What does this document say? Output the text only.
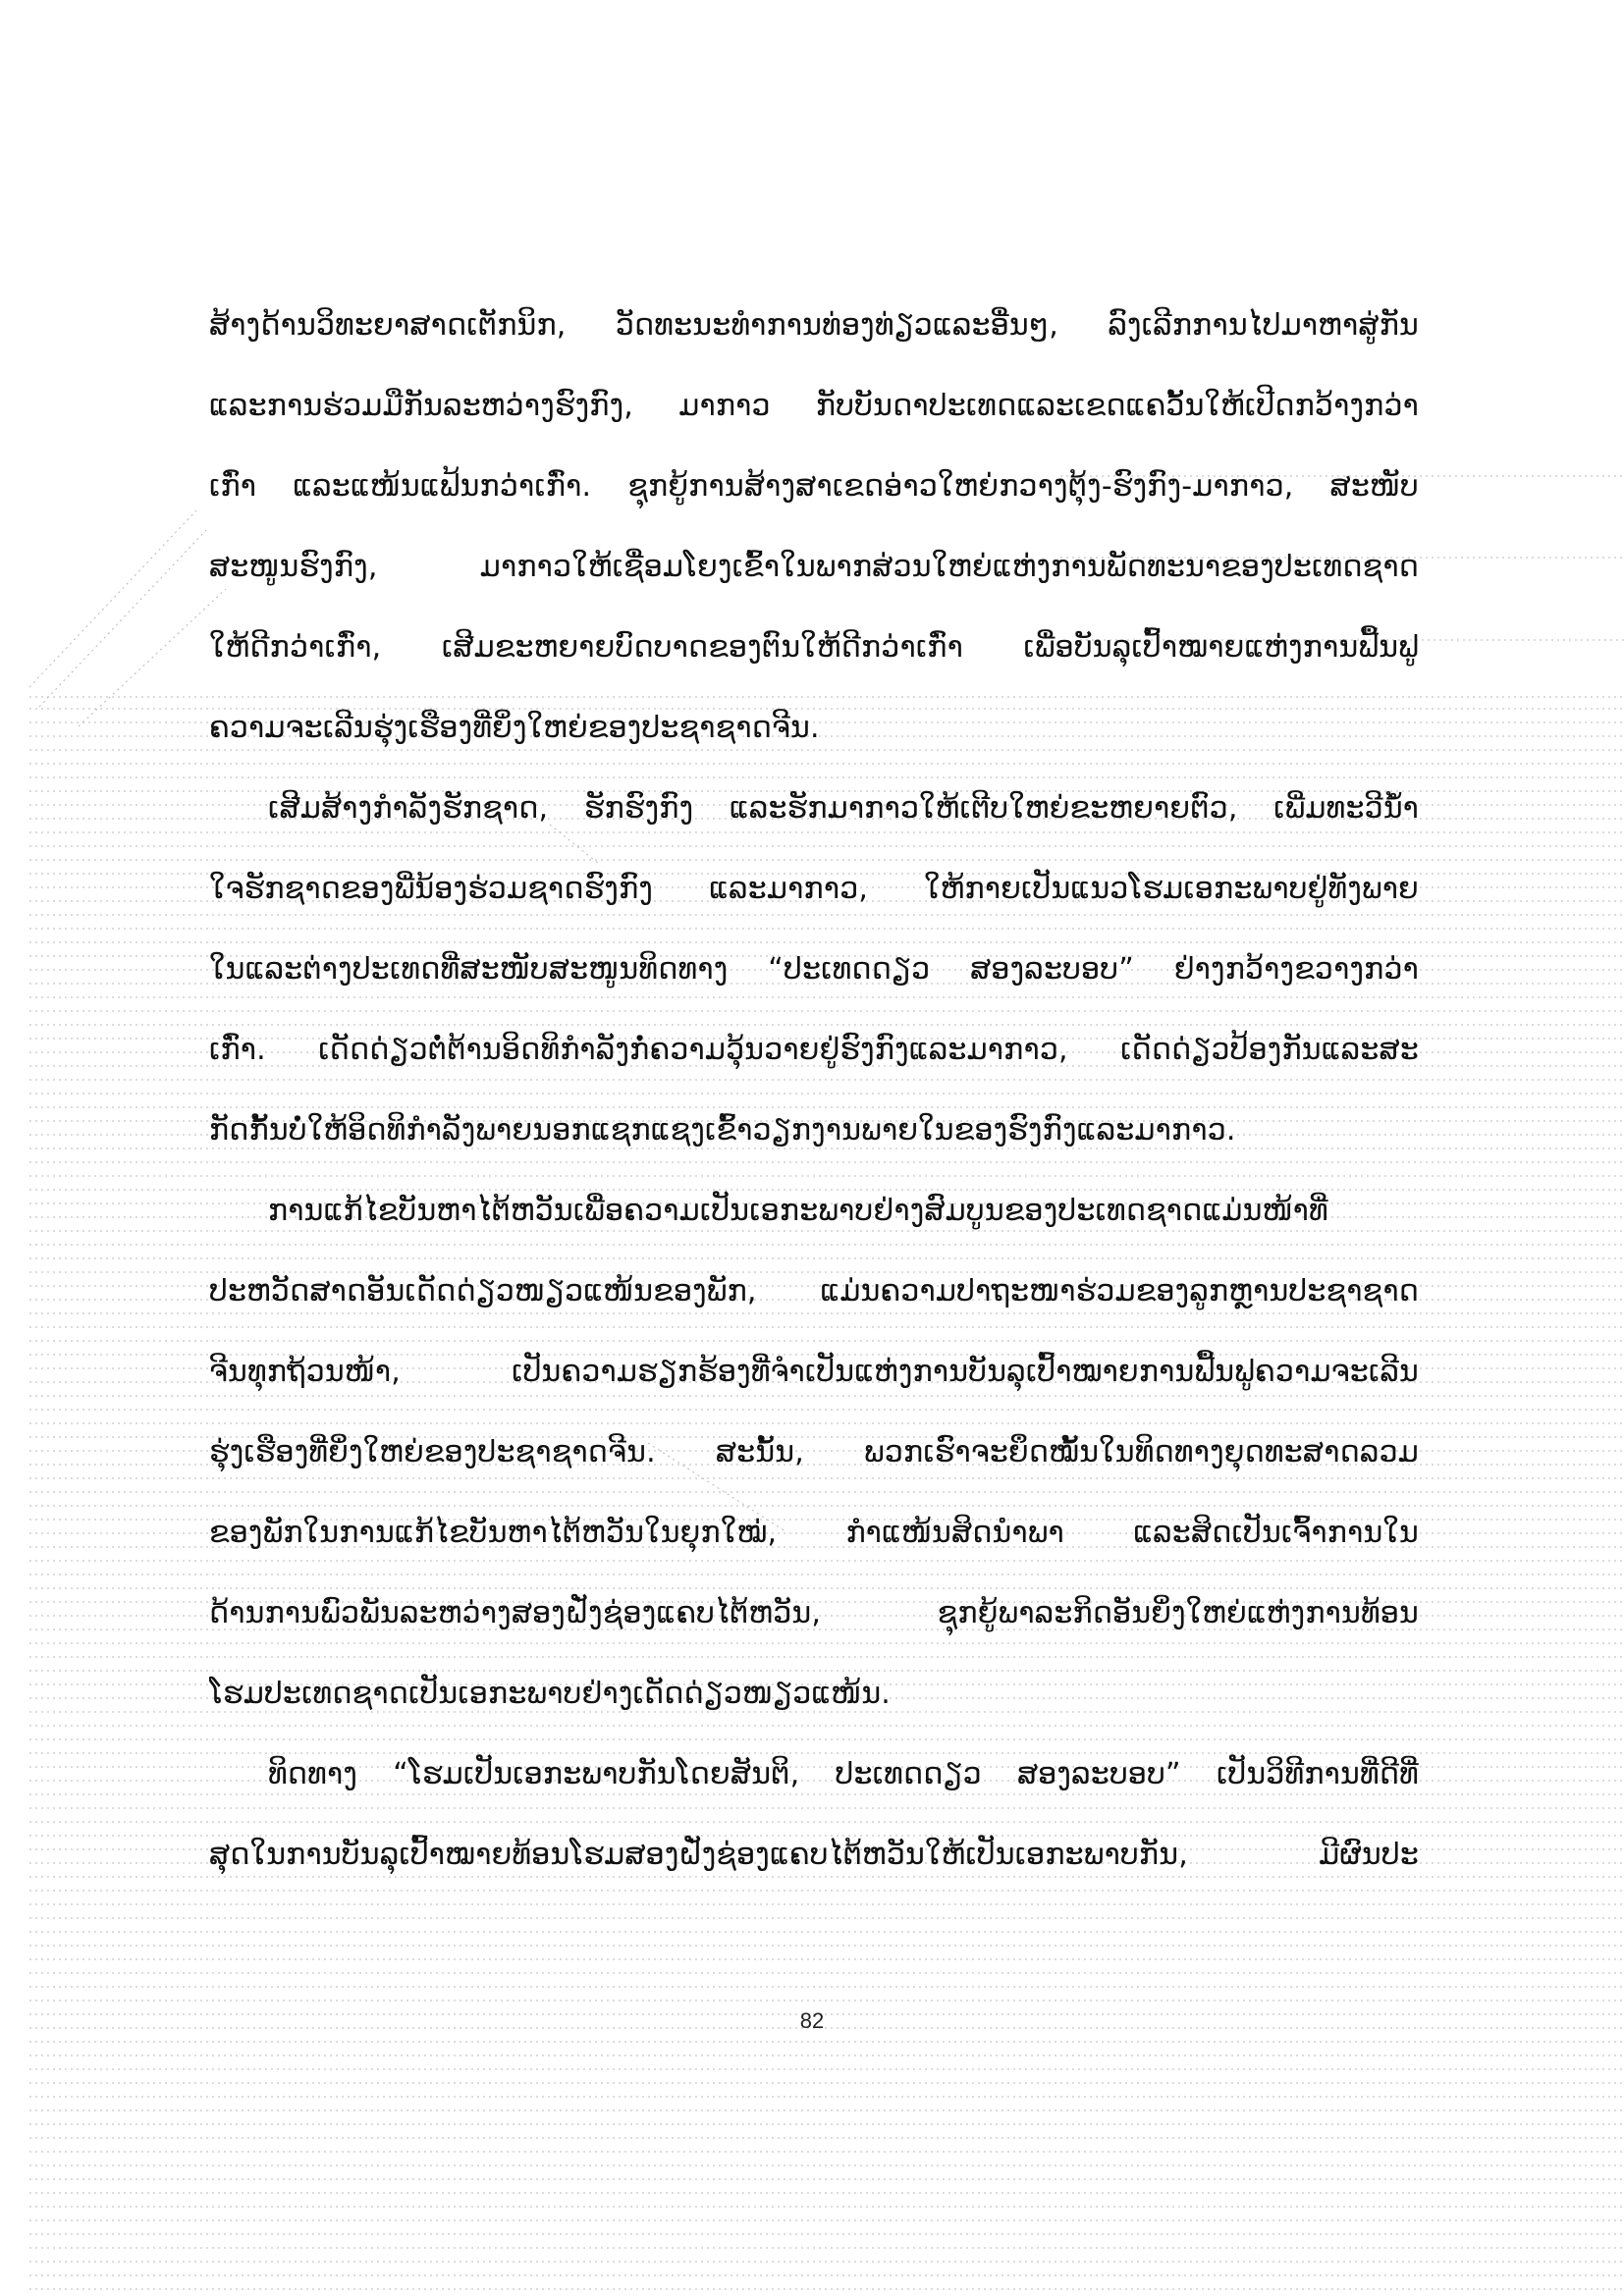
ສ້າງດ້ານວິທະຍາສາດເຕັກນິກ, ວັດທະນະທຳການທ່ອງທ່ຽວແລະອື່ນໆ, ລົງເລີກການໄປມາຫາສູ່ກັນ
ແລະການຮ່ວມມືກັນລະຫວ່າງຮົງກົງ, ມາກາວ ກັບບັນດາປະເທດແລະເຂດແຄວັ້ນໃຫ້ເປີດກວ້າງກວ່າ
ເກົ່າ ແລະແໜ້ນແຟ້ນກວ່າເກົ່າ. ຊຸກຍູ້ການສ້າງສາເຂດອ່າວໃຫຍ່ກວາງຕຸ້ງ-ຮົງກົງ-ມາກາວ, ສະໜັບ
ສະໜູນຮົງກົງ, ມາກາວໃຫ້ເຊື່ອມໂຍງເຂົ້າໃນພາກສ່ວນໃຫຍ່ແຫ່ງການພັດທະນາຂອງປະເທດຊາດ
ໃຫ້ດີກວ່າເກົ່າ, ເສີມຂະຫຍາຍບົດບາດຂອງຕົນໃຫ້ດີກວ່າເກົ່າ ເພື່ອບັນລຸເປົ້າໝາຍແຫ່ງການຟື້ນຟູ
ຄວາມຈະເລີນຮຸ່ງເຮືອງທີ່ຍິ່ງໃຫຍ່ຂອງປະຊາຊາດຈີນ.
ເສີມສ້າງກຳລັງຮັກຊາດ, ຮັກຮົງກົງ ແລະຮັກມາກາວໃຫ້ເຕີບໃຫຍ່ຂະຫຍາຍຕົວ, ເພີ່ມທະວີນ້ຳ
ໃຈຮັກຊາດຂອງພີ່ນ້ອງຮ່ວມຊາດຮົງກົງ ແລະມາກາວ, ໃຫ້ກາຍເປັນແນວໂຮມເອກະພາບຢູ່ທັງພາຍ
ໃນແລະຕ່າງປະເທດທີ່ສະໜັບສະໜູນທິດທາງ “ປະເທດດຽວ ສອງລະບອບ” ຢ່າງກວ້າງຂວາງກວ່າ
ເກົ່າ. ເດັດດ່ຽວຕໍ່ຕ້ານອິດທິກຳລັງກໍ່ຄວາມວຸ້ນວາຍຢູ່ຮົງກົງແລະມາກາວ, ເດັດດ່ຽວປ້ອງກັນແລະສະ
ກັດກັ້ນບໍ່ໃຫ້ອິດທິກຳລັງພາຍນອກແຊກແຊງເຂົ້າວຽກງານພາຍໃນຂອງຮົງກົງແລະມາກາວ.
ການແກ້ໄຂບັນຫາໄຕ້ຫວັນເພື່ອຄວາມເປັນເອກະພາບຢ່າງສົມບູນຂອງປະເທດຊາດແມ່ນໜ້າທີ່
ປະຫວັດສາດອັນເດັດດ່ຽວໜຽວແໜ້ນຂອງພັກ, ແມ່ນຄວາມປາຖະໜາຮ່ວມຂອງລູກຫຼານປະຊາຊາດ
ຈີນທຸກຖ້ວນໜ້າ, ເປັນຄວາມຮຽກຮ້ອງທີ່ຈຳເປັນແຫ່ງການບັນລຸເປົ້າໝາຍການຟື້ນຟູຄວາມຈະເລີນ
ຮຸ່ງເຮືອງທີ່ຍິ່ງໃຫຍ່ຂອງປະຊາຊາດຈີນ. ສະນັ້ນ, ພວກເຮົາຈະຍຶດໝັ້ນໃນທິດທາງຍຸດທະສາດລວມ
ຂອງພັກໃນການແກ້ໄຂບັນຫາໄຕ້ຫວັນໃນຍຸກໃໝ່, ກຳແໜ້ນສິດນຳພາ ແລະສິດເປັນເຈົ້າການໃນ
ດ້ານການພົວພັນລະຫວ່າງສອງຝັ່ງຊ່ອງແຄບໄຕ້ຫວັນ, ຊຸກຍູ້ພາລະກິດອັນຍິ່ງໃຫຍ່ແຫ່ງການທ້ອນ
ໂຮມປະເທດຊາດເປັນເອກະພາບຢ່າງເດັດດ່ຽວໜຽວແໜ້ນ.
ທິດທາງ “ໂຮມເປັນເອກະພາບກັນໂດຍສັນຕິ, ປະເທດດຽວ ສອງລະບອບ” ເປັນວິທີການທີ່ດີທີ່
ສຸດໃນການບັນລຸເປົ້າໝາຍທ້ອນໂຮມສອງຝັ່ງຊ່ອງແຄບໄຕ້ຫວັນໃຫ້ເປັນເອກະພາບກັນ, ມີຜົນປະ
82
